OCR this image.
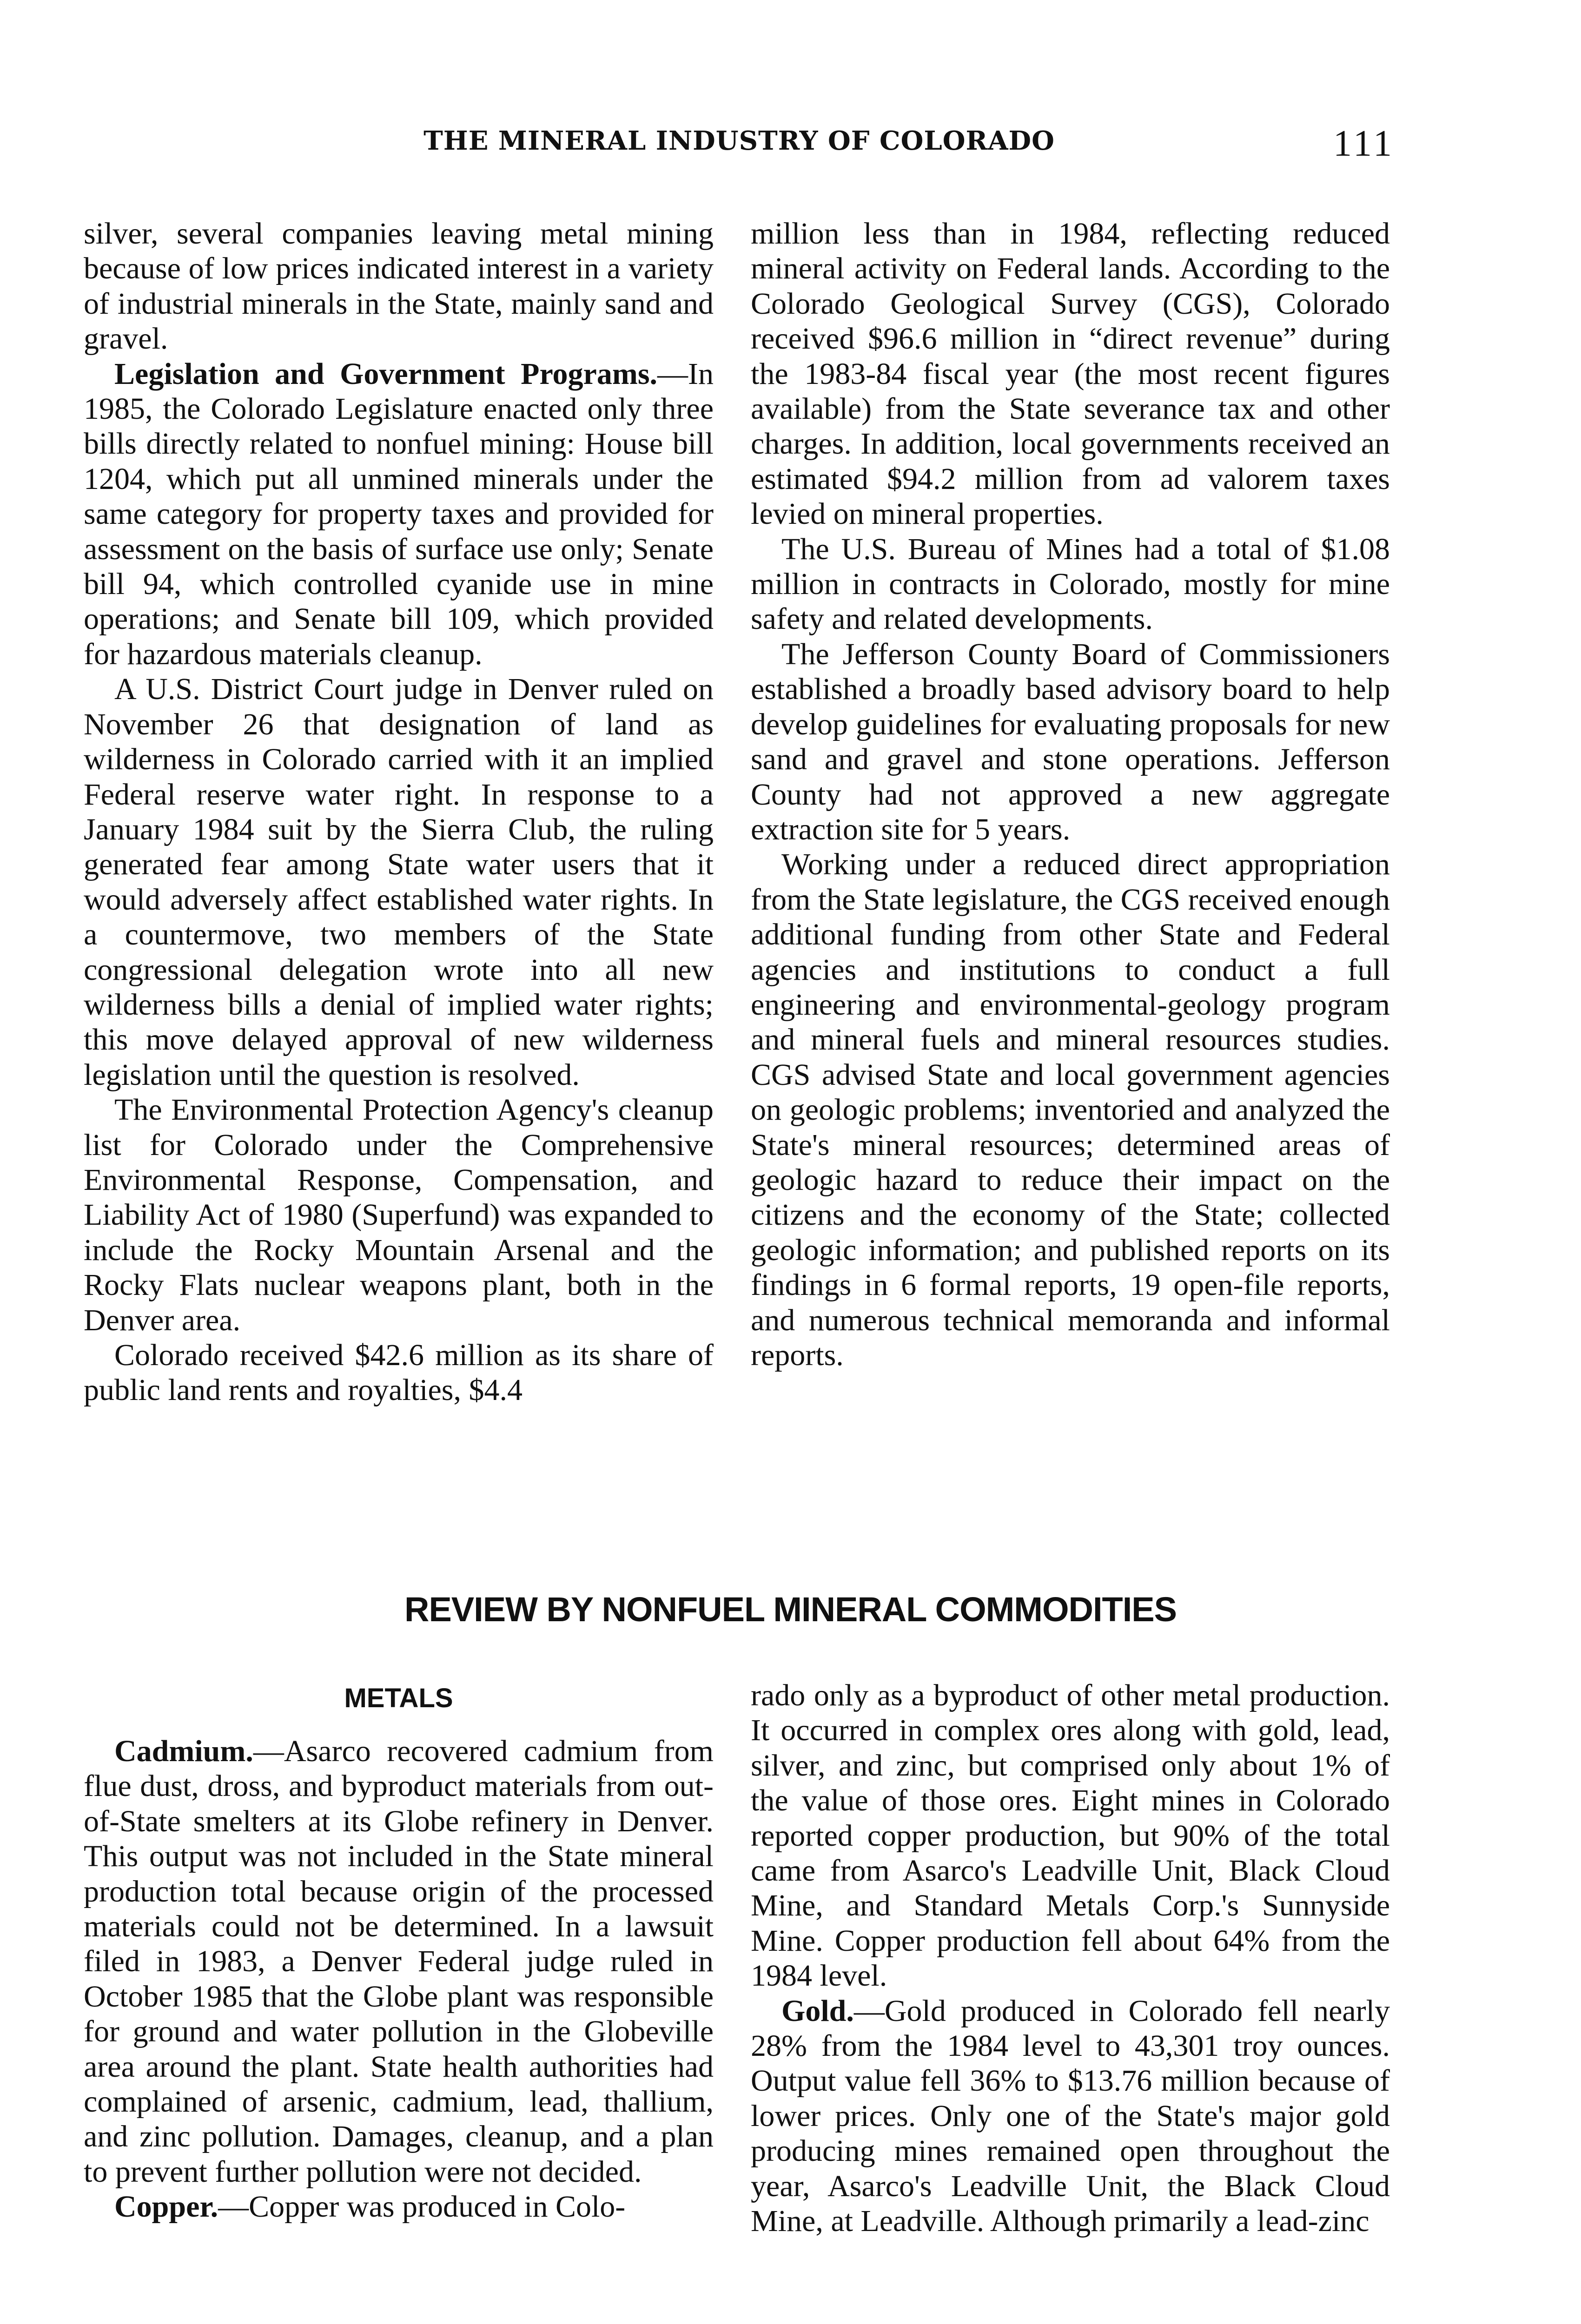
THE MINERAL INDUSTRY OF COLORADO	111

silver, several companies leaving metal mining because of low prices indicated interest in a variety of industrial minerals in the State, mainly sand and gravel.

Legislation and Government Programs.—In 1985, the Colorado Legislature enacted only three bills directly related to nonfuel mining: House bill 1204, which put all unmined minerals under the same category for property taxes and provided for assessment on the basis of surface use only; Senate bill 94, which controlled cyanide use in mine operations; and Senate bill 109, which provided for hazardous materials cleanup.

A U.S. District Court judge in Denver ruled on November 26 that designation of land as wilderness in Colorado carried with it an implied Federal reserve water right. In response to a January 1984 suit by the Sierra Club, the ruling generated fear among State water users that it would adversely affect established water rights. In a countermove, two members of the State congressional delegation wrote into all new wilderness bills a denial of implied water rights; this move delayed approval of new wilderness legislation until the question is resolved.

The Environmental Protection Agency's cleanup list for Colorado under the Comprehensive Environmental Response, Compensation, and Liability Act of 1980 (Superfund) was expanded to include the Rocky Mountain Arsenal and the Rocky Flats nuclear weapons plant, both in the Denver area.

Colorado received $42.6 million as its share of public land rents and royalties, $4.4

million less than in 1984, reflecting reduced mineral activity on Federal lands. According to the Colorado Geological Survey (CGS), Colorado received $96.6 million in “direct revenue” during the 1983-84 fiscal year (the most recent figures available) from the State severance tax and other charges. In addition, local governments received an estimated $94.2 million from ad valorem taxes levied on mineral properties.

The U.S. Bureau of Mines had a total of $1.08 million in contracts in Colorado, mostly for mine safety and related developments.

The Jefferson County Board of Commissioners established a broadly based advisory board to help develop guidelines for evaluating proposals for new sand and gravel and stone operations. Jefferson County had not approved a new aggregate extraction site for 5 years.

Working under a reduced direct appropriation from the State legislature, the CGS received enough additional funding from other State and Federal agencies and institutions to conduct a full engineering and environmental-geology program and mineral fuels and mineral resources studies. CGS advised State and local government agencies on geologic problems; inventoried and analyzed the State's mineral resources; determined areas of geologic hazard to reduce their impact on the citizens and the economy of the State; collected geologic information; and published reports on its findings in 6 formal reports, 19 open-file reports, and numerous technical memoranda and informal reports.

REVIEW BY NONFUEL MINERAL COMMODITIES
METALS

Cadmium.—Asarco recovered cadmium from flue dust, dross, and byproduct materials from out-of-State smelters at its Globe refinery in Denver. This output was not included in the State mineral production total because origin of the processed materials could not be determined. In a lawsuit filed in 1983, a Denver Federal judge ruled in October 1985 that the Globe plant was responsible for ground and water pollution in the Globeville area around the plant. State health authorities had complained of arsenic, cadmium, lead, thallium, and zinc pollution. Damages, cleanup, and a plan to prevent further pollution were not decided.

Copper.—Copper was produced in Colo-

rado only as a byproduct of other metal production. It occurred in complex ores along with gold, lead, silver, and zinc, but comprised only about 1% of the value of those ores. Eight mines in Colorado reported copper production, but 90% of the total came from Asarco's Leadville Unit, Black Cloud Mine, and Standard Metals Corp.'s Sunnyside Mine. Copper production fell about 64% from the 1984 level.

Gold.—Gold produced in Colorado fell nearly 28% from the 1984 level to 43,301 troy ounces. Output value fell 36% to $13.76 million because of lower prices. Only one of the State's major gold producing mines remained open throughout the year, Asarco's Leadville Unit, the Black Cloud Mine, at Leadville. Although primarily a lead-zinc
